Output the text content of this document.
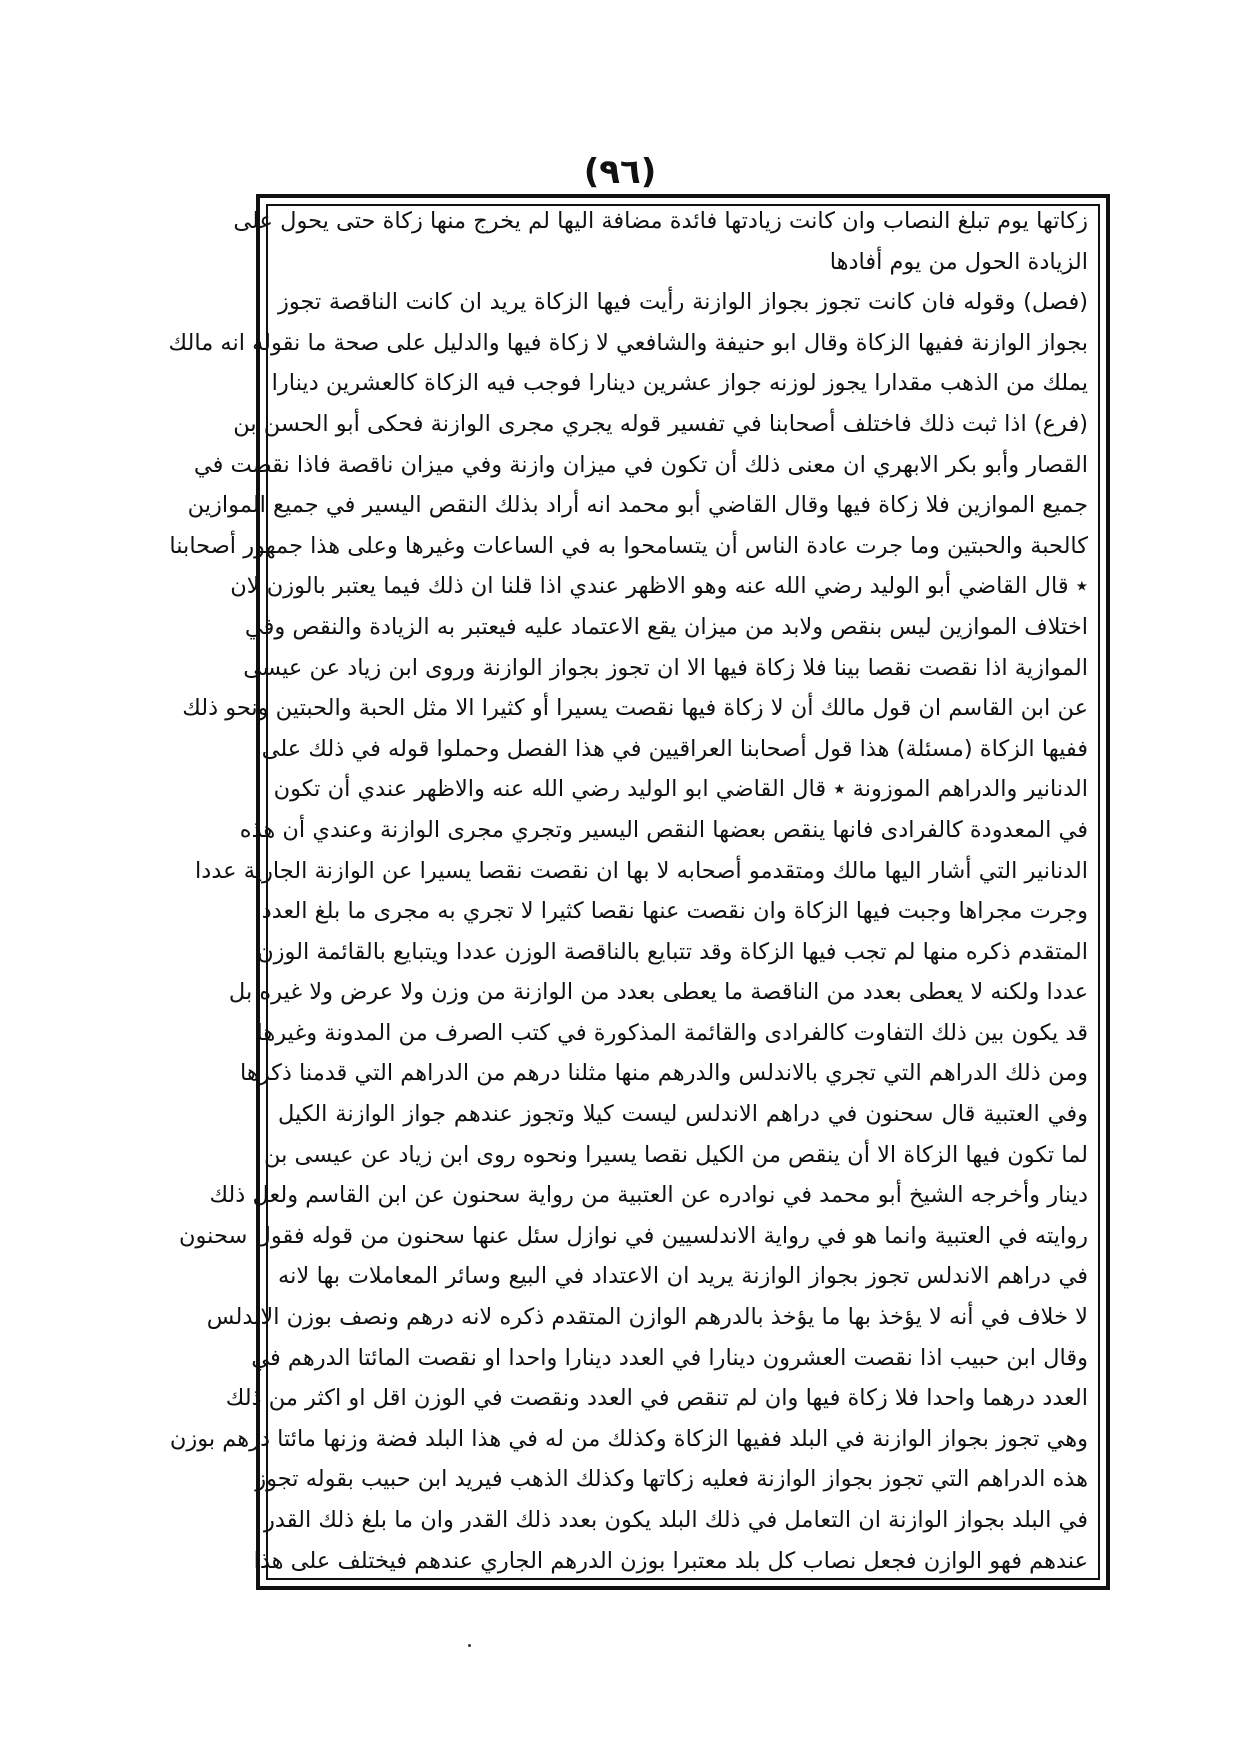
(٩٦)
زكاتها يوم تبلغ النصاب وان كانت زيادتها فائدة مضافة اليها لم يخرج منها زكاة حتى يحول على
الزيادة الحول من يوم أفادها
(فصل) وقوله فان كانت تجوز بجواز الوازنة رأيت فيها الزكاة يريد ان كانت الناقصة تجوز
بجواز الوازنة ففيها الزكاة وقال ابو حنيفة والشافعي لا زكاة فيها والدليل على صحة ما نقوله انه مالك
يملك من الذهب مقدارا يجوز لوزنه جواز عشرين دينارا فوجب فيه الزكاة كالعشرين دينارا
(فرع) اذا ثبت ذلك فاختلف أصحابنا في تفسير قوله يجري مجرى الوازنة فحكى أبو الحسن بن
القصار وأبو بكر الابهري ان معنى ذلك أن تكون في ميزان وازنة وفي ميزان ناقصة فاذا نقصت في
جميع الموازين فلا زكاة فيها وقال القاضي أبو محمد انه أراد بذلك النقص اليسير في جميع الموازين
كالحبة والحبتين وما جرت عادة الناس أن يتسامحوا به في الساعات وغيرها وعلى هذا جمهور أصحابنا
٭ قال القاضي أبو الوليد رضي الله عنه وهو الاظهر عندي اذا قلنا ان ذلك فيما يعتبر بالوزن لان
اختلاف الموازين ليس بنقص ولابد من ميزان يقع الاعتماد عليه فيعتبر به الزيادة والنقص وفي
الموازية اذا نقصت نقصا بينا فلا زكاة فيها الا ان تجوز بجواز الوازنة وروى ابن زياد عن عيسى
عن ابن القاسم ان قول مالك أن لا زكاة فيها نقصت يسيرا أو كثيرا الا مثل الحبة والحبتين ونحو ذلك
ففيها الزكاة (مسئلة) هذا قول أصحابنا العراقيين في هذا الفصل وحملوا قوله في ذلك على
الدنانير والدراهم الموزونة ٭ قال القاضي ابو الوليد رضي الله عنه والاظهر عندي أن تكون
في المعدودة كالفرادى فانها ينقص بعضها النقص اليسير وتجري مجرى الوازنة وعندي أن هذه
الدنانير التي أشار اليها مالك ومتقدمو أصحابه لا بها ان نقصت نقصا يسيرا عن الوازنة الجارية عددا
وجرت مجراها وجبت فيها الزكاة وان نقصت عنها نقصا كثيرا لا تجري به مجرى ما بلغ العدد
المتقدم ذكره منها لم تجب فيها الزكاة وقد تتبايع بالناقصة الوزن عددا ويتبايع بالقائمة الوزن
عددا ولكنه لا يعطى بعدد من الناقصة ما يعطى بعدد من الوازنة من وزن ولا عرض ولا غيره بل
قد يكون بين ذلك التفاوت كالفرادى والقائمة المذكورة في كتب الصرف من المدونة وغيرها
ومن ذلك الدراهم التي تجري بالاندلس والدرهم منها مثلنا درهم من الدراهم التي قدمنا ذكرها
وفي العتبية قال سحنون في دراهم الاندلس ليست كيلا وتجوز عندهم جواز الوازنة الكيل
لما تكون فيها الزكاة الا أن ينقص من الكيل نقصا يسيرا ونحوه روى ابن زياد عن عيسى بن
دينار وأخرجه الشيخ أبو محمد في نوادره عن العتبية من رواية سحنون عن ابن القاسم ولعل ذلك
روايته في العتبية وانما هو في رواية الاندلسيين في نوازل سئل عنها سحنون من قوله فقول سحنون
في دراهم الاندلس تجوز بجواز الوازنة يريد ان الاعتداد في البيع وسائر المعاملات بها لانه
لا خلاف في أنه لا يؤخذ بها ما يؤخذ بالدرهم الوازن المتقدم ذكره لانه درهم ونصف بوزن الاندلس
وقال ابن حبيب اذا نقصت العشرون دينارا في العدد دينارا واحدا او نقصت المائتا الدرهم في
العدد درهما واحدا فلا زكاة فيها وان لم تنقص في العدد ونقصت في الوزن اقل او اكثر من ذلك
وهي تجوز بجواز الوازنة في البلد ففيها الزكاة وكذلك من له في هذا البلد فضة وزنها مائتا درهم بوزن
هذه الدراهم التي تجوز بجواز الوازنة فعليه زكاتها وكذلك الذهب فيريد ابن حبيب بقوله تجوز
في البلد بجواز الوازنة ان التعامل في ذلك البلد يكون بعدد ذلك القدر وان ما بلغ ذلك القدر
عندهم فهو الوازن فجعل نصاب كل بلد معتبرا بوزن الدرهم الجاري عندهم فيختلف على هذا
